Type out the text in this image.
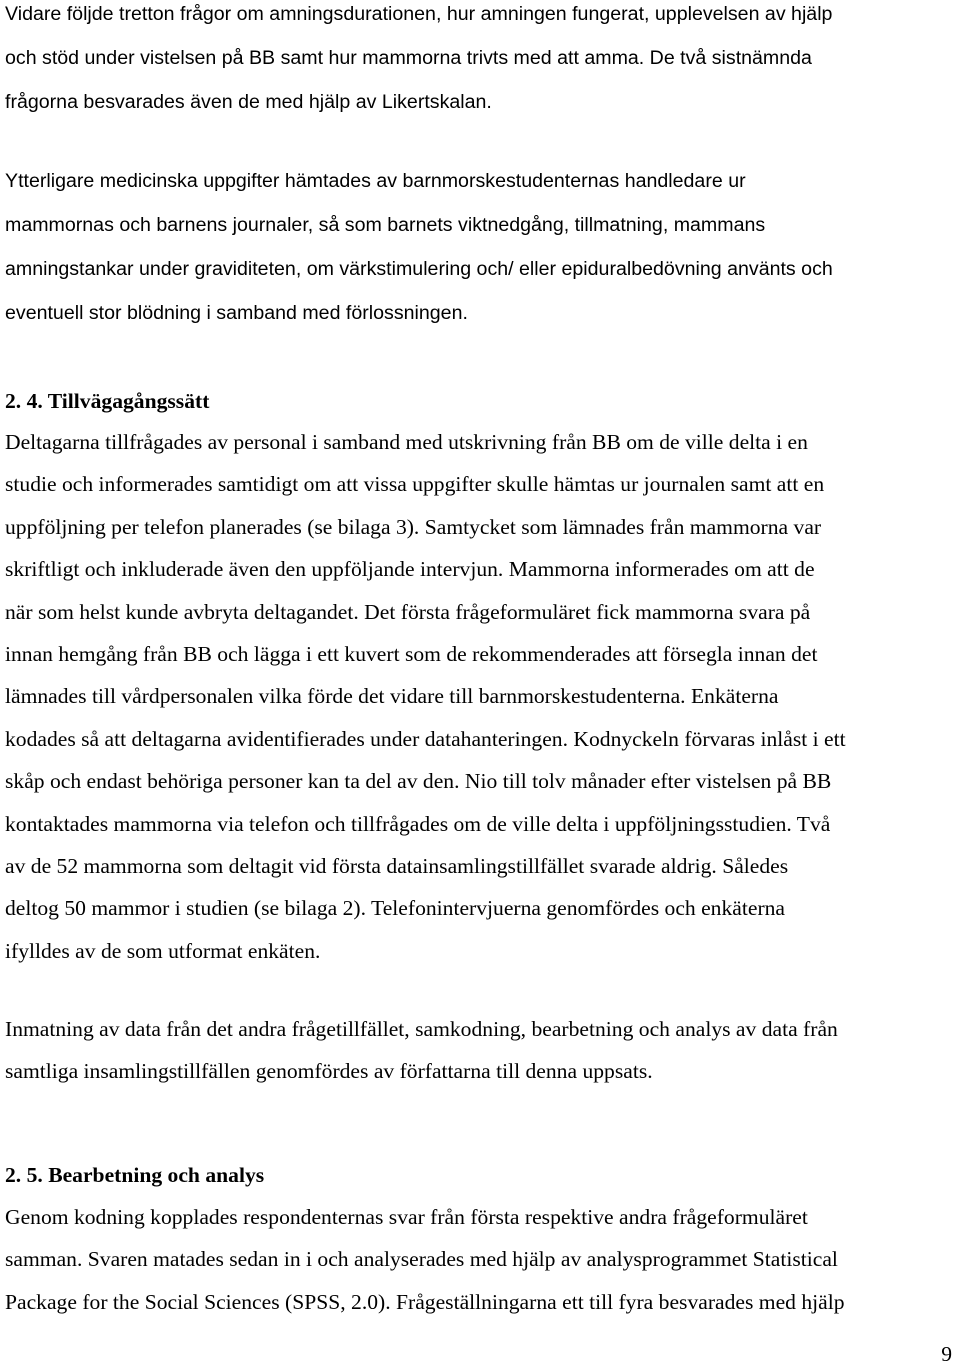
Vidare följde tretton frågor om amningsdurationen, hur amningen fungerat, upplevelsen av hjälp
och stöd under vistelsen på BB samt hur mammorna trivts med att amma. De två sistnämnda
frågorna besvarades även de med hjälp av Likertskalan.
Ytterligare medicinska uppgifter hämtades av barnmorskestudenternas handledare ur
mammornas och barnens journaler, så som barnets viktnedgång, tillmatning, mammans
amningstankar under graviditeten, om värkstimulering och/ eller epiduralbedövning använts och
eventuell stor blödning i samband med förlossningen.
2. 4. Tillvägagångssätt
Deltagarna tillfrågades av personal i samband med utskrivning från BB om de ville delta i en
studie och informerades samtidigt om att vissa uppgifter skulle hämtas ur journalen samt att en
uppföljning per telefon planerades (se bilaga 3). Samtycket som lämnades från mammorna var
skriftligt och inkluderade även den uppföljande intervjun. Mammorna informerades om att de
när som helst kunde avbryta deltagandet. Det första frågeformuläret fick mammorna svara på
innan hemgång från BB och lägga i ett kuvert som de rekommenderades att försegla innan det
lämnades till vårdpersonalen vilka förde det vidare till barnmorskestudenterna. Enkäterna
kodades så att deltagarna avidentifierades under datahanteringen. Kodnyckeln förvaras inlåst i ett
skåp och endast behöriga personer kan ta del av den. Nio till tolv månader efter vistelsen på BB
kontaktades mammorna via telefon och tillfrågades om de ville delta i uppföljningsstudien. Två
av de 52 mammorna som deltagit vid första datainsamlingstillfället svarade aldrig. Således
deltog 50 mammor i studien (se bilaga 2). Telefonintervjuerna genomfördes och enkäterna
ifylldes av de som utformat enkäten.
Inmatning av data från det andra frågetillfället, samkodning, bearbetning och analys av data från
samtliga insamlingstillfällen genomfördes av författarna till denna uppsats.
2. 5. Bearbetning och analys
Genom kodning kopplades respondenternas svar från första respektive andra frågeformuläret
samman. Svaren matades sedan in i och analyserades med hjälp av analysprogrammet Statistical
Package for the Social Sciences (SPSS, 2.0). Frågeställningarna ett till fyra besvarades med hjälp
9
